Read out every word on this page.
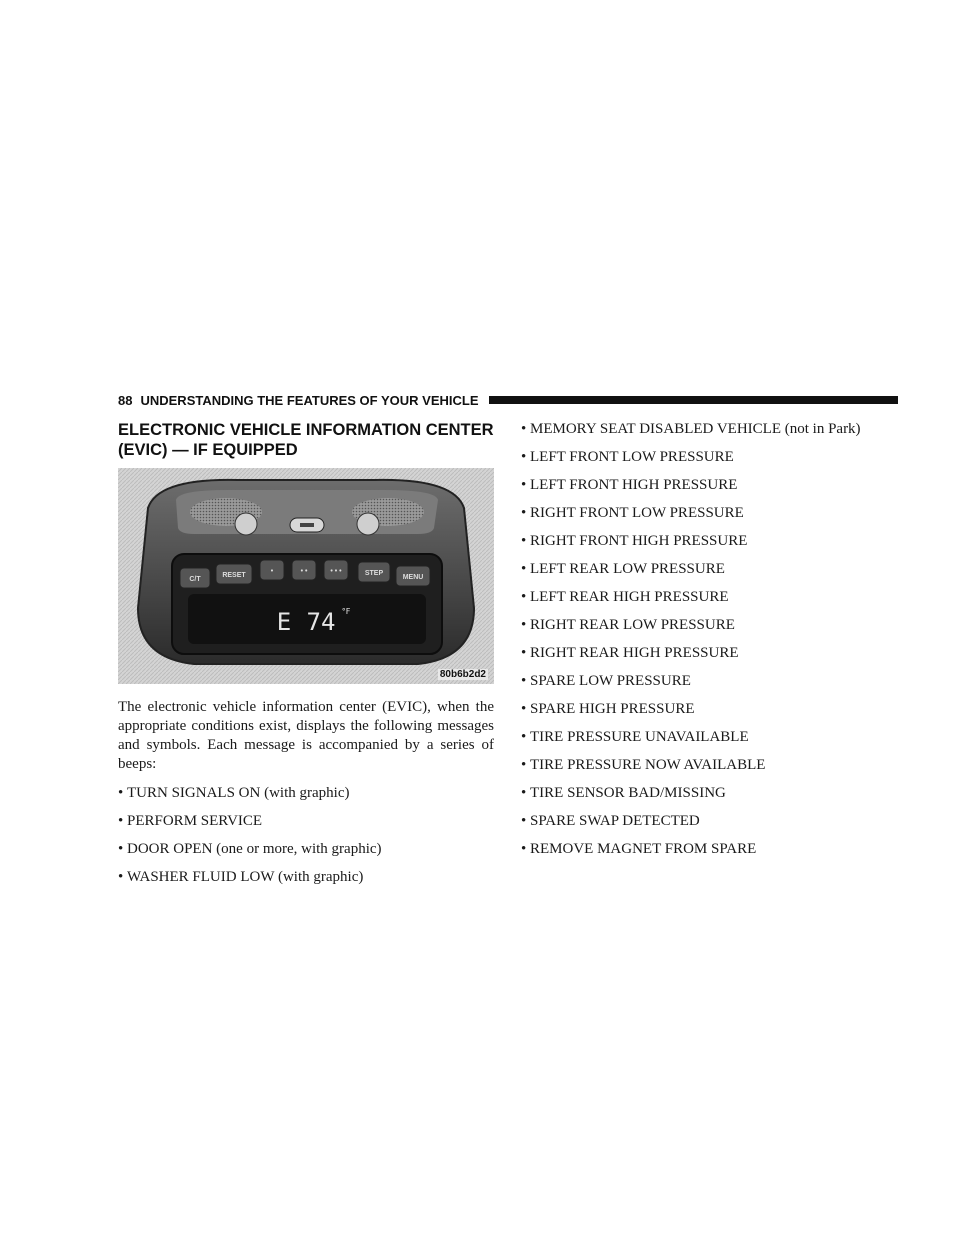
88 UNDERSTANDING THE FEATURES OF YOUR VEHICLE
ELECTRONIC VEHICLE INFORMATION CENTER
(EVIC) — IF EQUIPPED
C/T
RESET
•	• •	• • •	STEP
MENU
E 74 °F
80b6b2d2

The electronic vehicle information center (EVIC), when the appropriate conditions exist, displays the following messages and symbols. Each message is accompanied by a series of beeps:

• TURN SIGNALS ON (with graphic)
• PERFORM SERVICE
• DOOR OPEN (one or more, with graphic)
• WASHER FLUID LOW (with graphic)
• MEMORY SEAT DISABLED VEHICLE (not in Park)
• LEFT FRONT LOW PRESSURE
• LEFT FRONT HIGH PRESSURE
• RIGHT FRONT LOW PRESSURE
• RIGHT FRONT HIGH PRESSURE
• LEFT REAR LOW PRESSURE
• LEFT REAR HIGH PRESSURE
• RIGHT REAR LOW PRESSURE
• RIGHT REAR HIGH PRESSURE
• SPARE LOW PRESSURE
• SPARE HIGH PRESSURE
• TIRE PRESSURE UNAVAILABLE
• TIRE PRESSURE NOW AVAILABLE
• TIRE SENSOR BAD/MISSING
• SPARE SWAP DETECTED
• REMOVE MAGNET FROM SPARE
